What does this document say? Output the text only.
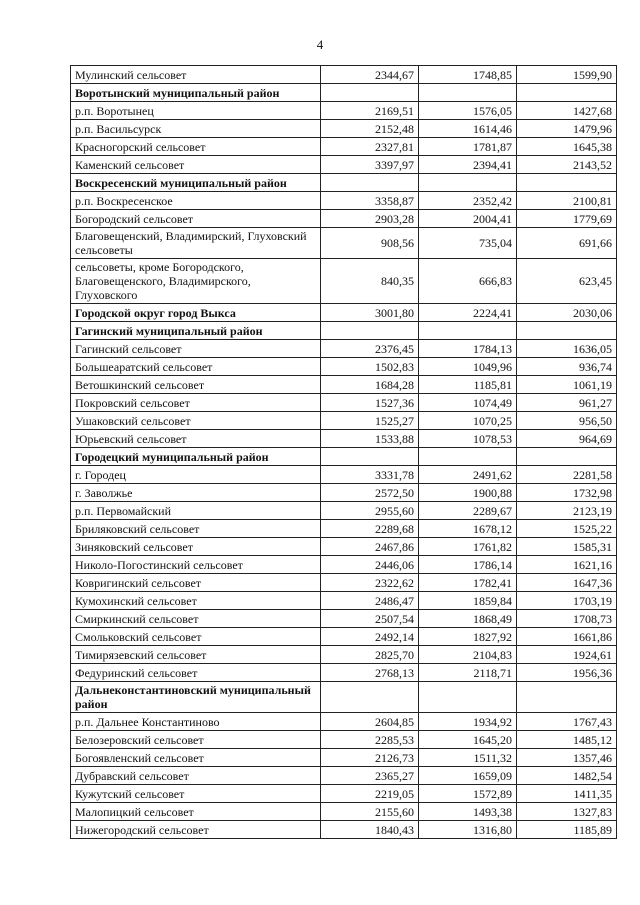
4
Мулинский сельсовет	2344,67	1748,85	1599,90
Воротынский муниципальный район			
р.п. Воротынец	2169,51	1576,05	1427,68
р.п. Васильсурск	2152,48	1614,46	1479,96
Красногорский сельсовет	2327,81	1781,87	1645,38
Каменский сельсовет	3397,97	2394,41	2143,52
Воскресенский муниципальный район			
р.п. Воскресенское	3358,87	2352,42	2100,81
Богородский сельсовет	2903,28	2004,41	1779,69
Благовещенский, Владимирский, Глуховский сельсоветы	908,56	735,04	691,66
сельсоветы, кроме Богородского, Благовещенского, Владимирского, Глуховского	840,35	666,83	623,45
Городской округ город Выкса	3001,80	2224,41	2030,06
Гагинский муниципальный район			
Гагинский сельсовет	2376,45	1784,13	1636,05
Большеаратский сельсовет	1502,83	1049,96	936,74
Ветошкинский сельсовет	1684,28	1185,81	1061,19
Покровский сельсовет	1527,36	1074,49	961,27
Ушаковский сельсовет	1525,27	1070,25	956,50
Юрьевский сельсовет	1533,88	1078,53	964,69
Городецкий муниципальный район			
г. Городец	3331,78	2491,62	2281,58
г. Заволжье	2572,50	1900,88	1732,98
р.п. Первомайский	2955,60	2289,67	2123,19
Бриляковский сельсовет	2289,68	1678,12	1525,22
Зиняковский сельсовет	2467,86	1761,82	1585,31
Николо-Погостинский сельсовет	2446,06	1786,14	1621,16
Ковригинский сельсовет	2322,62	1782,41	1647,36
Кумохинский сельсовет	2486,47	1859,84	1703,19
Смиркинский сельсовет	2507,54	1868,49	1708,73
Смольковский сельсовет	2492,14	1827,92	1661,86
Тимирязевский сельсовет	2825,70	2104,83	1924,61
Федуринский сельсовет	2768,13	2118,71	1956,36
Дальнеконстантиновский муниципальный район			
р.п. Дальнее Константиново	2604,85	1934,92	1767,43
Белозеровский сельсовет	2285,53	1645,20	1485,12
Богоявленский сельсовет	2126,73	1511,32	1357,46
Дубравский сельсовет	2365,27	1659,09	1482,54
Кужутский сельсовет	2219,05	1572,89	1411,35
Малопицкий сельсовет	2155,60	1493,38	1327,83
Нижегородский сельсовет	1840,43	1316,80	1185,89
